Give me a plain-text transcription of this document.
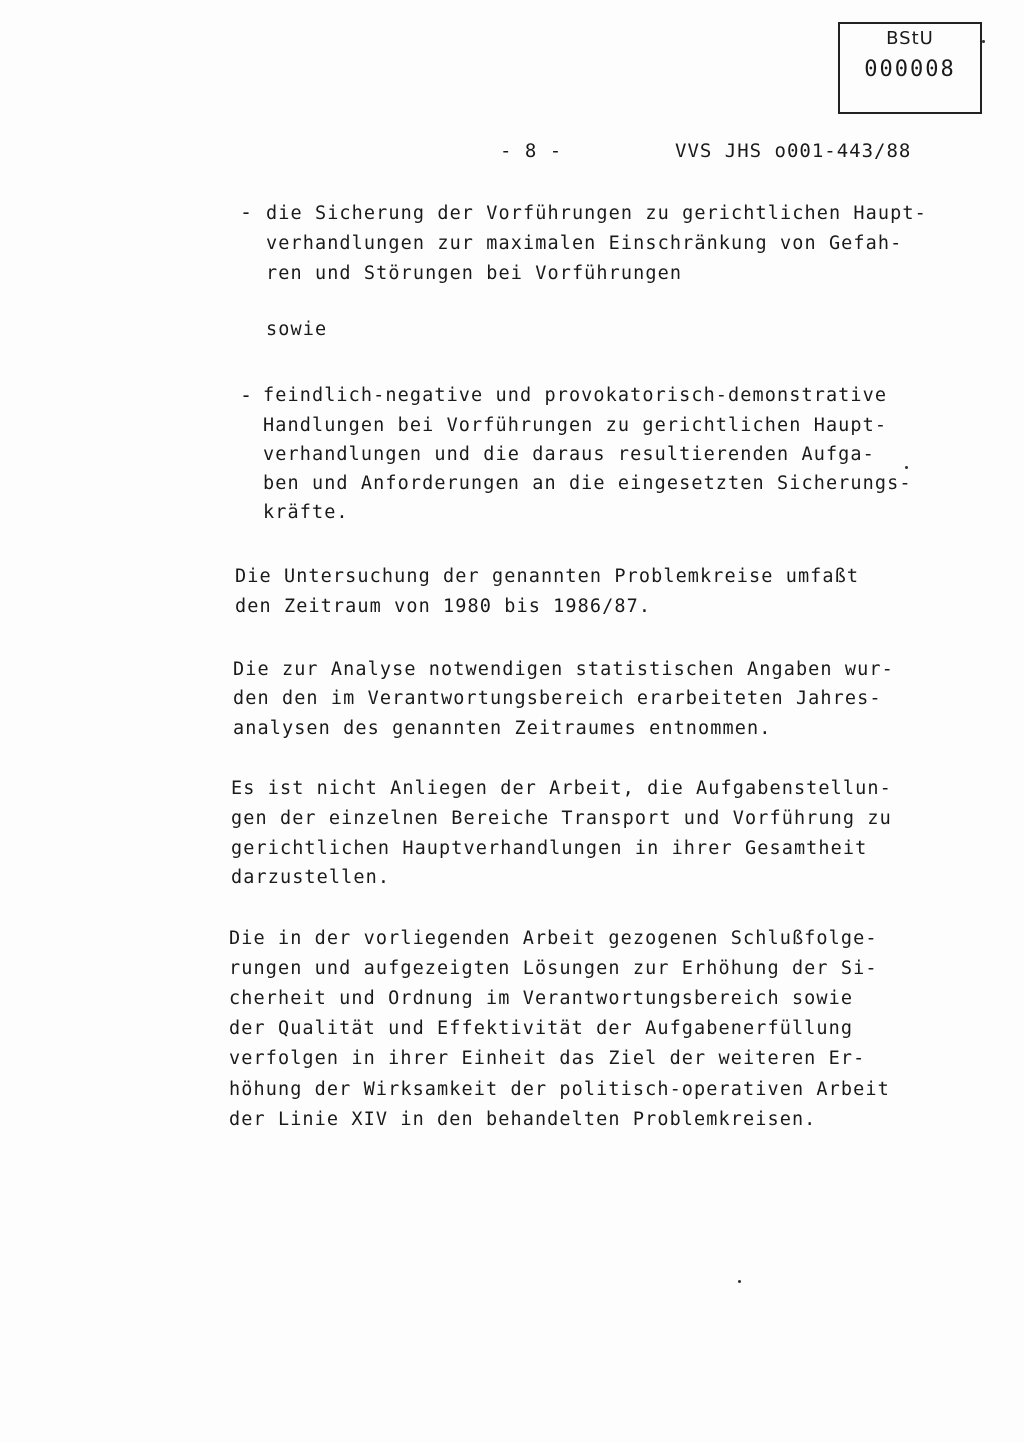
BStU
000008
- 8 -	VVS JHS o001-443/88
- die Sicherung der Vorführungen zu gerichtlichen Haupt-
verhandlungen zur maximalen Einschränkung von Gefah-
ren und Störungen bei Vorführungen
sowie
- feindlich-negative und provokatorisch-demonstrative
Handlungen bei Vorführungen zu gerichtlichen Haupt-
verhandlungen und die daraus resultierenden Aufga-
ben und Anforderungen an die eingesetzten Sicherungs-
kräfte.
Die Untersuchung der genannten Problemkreise umfaßt
den Zeitraum von 1980 bis 1986/87.
Die zur Analyse notwendigen statistischen Angaben wur-
den den im Verantwortungsbereich erarbeiteten Jahres-
analysen des genannten Zeitraumes entnommen.
Es ist nicht Anliegen der Arbeit, die Aufgabenstellun-
gen der einzelnen Bereiche Transport und Vorführung zu
gerichtlichen Hauptverhandlungen in ihrer Gesamtheit
darzustellen.
Die in der vorliegenden Arbeit gezogenen Schlußfolge-
rungen und aufgezeigten Lösungen zur Erhöhung der Si-
cherheit und Ordnung im Verantwortungsbereich sowie
der Qualität und Effektivität der Aufgabenerfüllung
verfolgen in ihrer Einheit das Ziel der weiteren Er-
höhung der Wirksamkeit der politisch-operativen Arbeit
der Linie XIV in den behandelten Problemkreisen.
